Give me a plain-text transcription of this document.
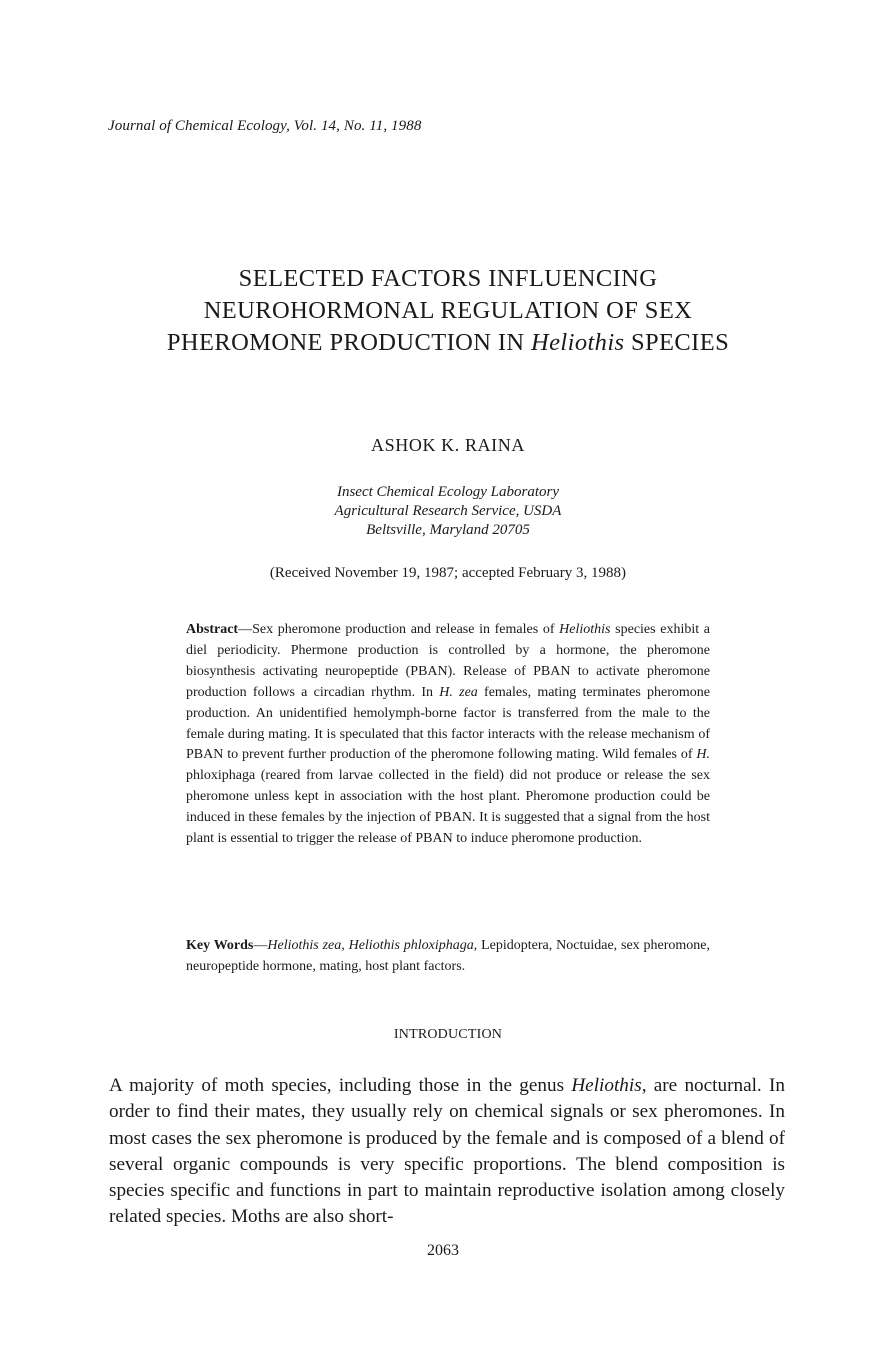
Journal of Chemical Ecology, Vol. 14, No. 11, 1988
SELECTED FACTORS INFLUENCING
NEUROHORMONAL REGULATION OF SEX
PHEROMONE PRODUCTION IN Heliothis SPECIES
ASHOK K. RAINA
Insect Chemical Ecology Laboratory
Agricultural Research Service, USDA
Beltsville, Maryland 20705
(Received November 19, 1987; accepted February 3, 1988)

Abstract—Sex pheromone production and release in females of Heliothis species exhibit a diel periodicity. Phermone production is controlled by a hormone, the pheromone biosynthesis activating neuropeptide (PBAN). Release of PBAN to activate pheromone production follows a circadian rhythm. In H. zea females, mating terminates pheromone production. An unidentified hemolymph-borne factor is transferred from the male to the female during mating. It is speculated that this factor interacts with the release mechanism of PBAN to prevent further production of the pheromone following mating. Wild females of H. phloxiphaga (reared from larvae collected in the field) did not produce or release the sex pheromone unless kept in association with the host plant. Pheromone production could be induced in these females by the injection of PBAN. It is suggested that a signal from the host plant is essential to trigger the release of PBAN to induce pheromone production.

Key Words—Heliothis zea, Heliothis phloxiphaga, Lepidoptera, Noctuidae, sex pheromone, neuropeptide hormone, mating, host plant factors.

INTRODUCTION

A majority of moth species, including those in the genus Heliothis, are nocturnal. In order to find their mates, they usually rely on chemical signals or sex pheromones. In most cases the sex pheromone is produced by the female and is composed of a blend of several organic compounds is very specific proportions. The blend composition is species specific and functions in part to maintain reproductive isolation among closely related species. Moths are also short-

2063
